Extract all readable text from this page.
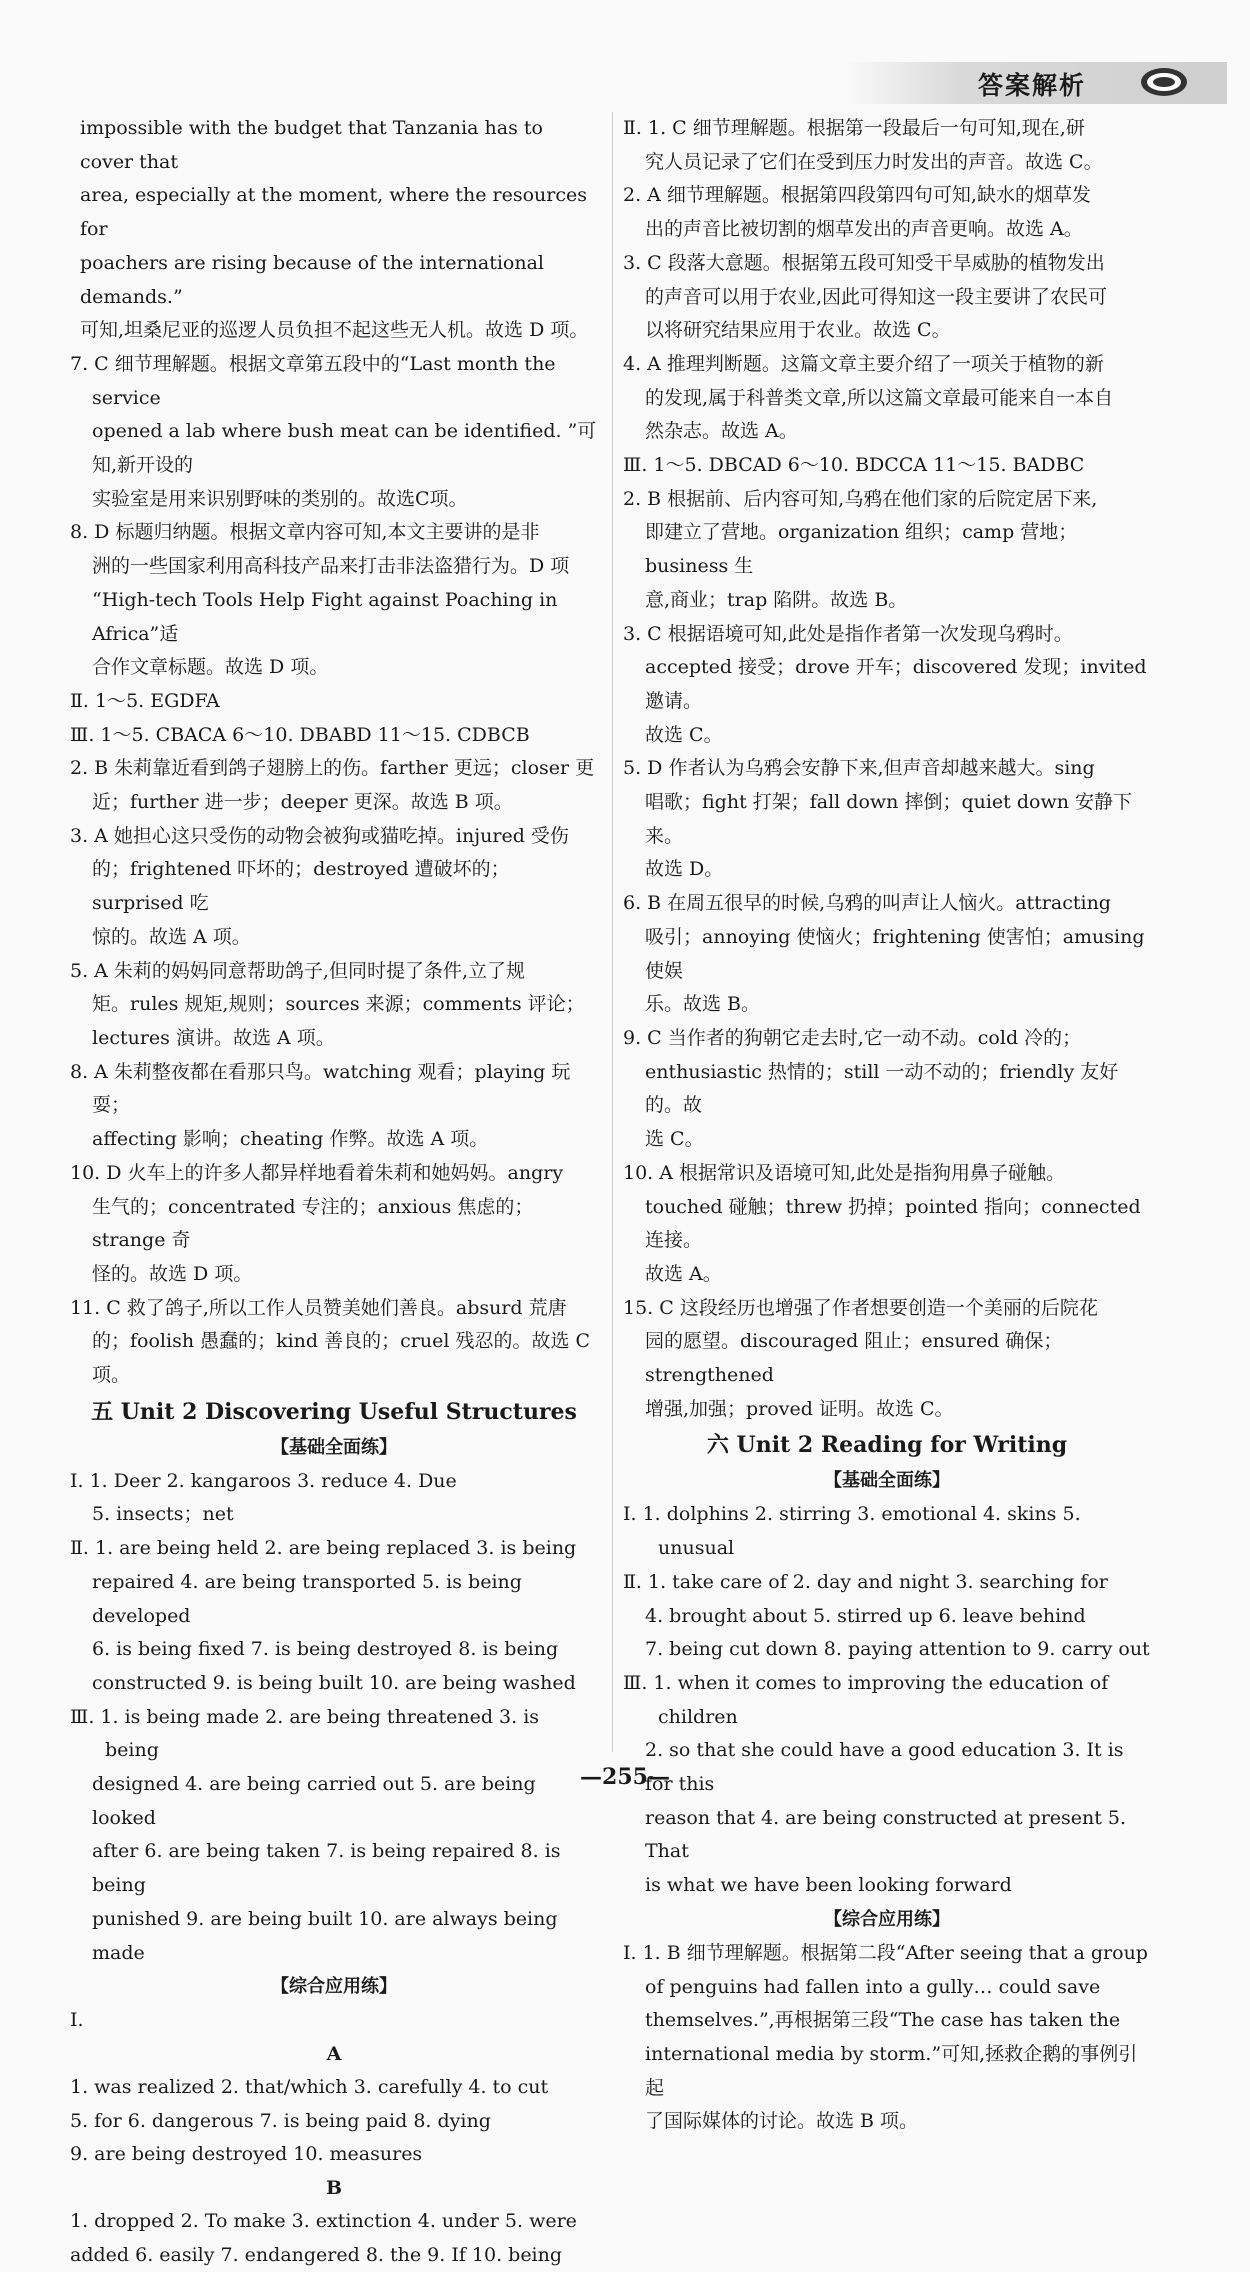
答案解析
impossible with the budget that Tanzania has to cover that
area, especially at the moment, where the resources for
poachers are rising because of the international demands.”
可知,坦桑尼亚的巡逻人员负担不起这些无人机。故选 D 项。
7. C 细节理解题。根据文章第五段中的“Last month the service
opened a lab where bush meat can be identified. ”可知,新开设的
实验室是用来识别野味的类别的。故选C项。
8. D 标题归纳题。根据文章内容可知,本文主要讲的是非
洲的一些国家利用高科技产品来打击非法盗猎行为。D 项
“High-tech Tools Help Fight against Poaching in Africa”适
合作文章标题。故选 D 项。
Ⅱ. 1～5. EGDFA
Ⅲ. 1～5. CBACA 6～10. DBABD 11～15. CDBCB
2. B 朱莉靠近看到鸽子翅膀上的伤。farther 更远；closer 更
近；further 进一步；deeper 更深。故选 B 项。
3. A 她担心这只受伤的动物会被狗或猫吃掉。injured 受伤
的；frightened 吓坏的；destroyed 遭破坏的；surprised 吃
惊的。故选 A 项。
5. A 朱莉的妈妈同意帮助鸽子,但同时提了条件,立了规
矩。rules 规矩,规则；sources 来源；comments 评论；
lectures 演讲。故选 A 项。
8. A 朱莉整夜都在看那只鸟。watching 观看；playing 玩耍；
affecting 影响；cheating 作弊。故选 A 项。
10. D 火车上的许多人都异样地看着朱莉和她妈妈。angry
生气的；concentrated 专注的；anxious 焦虑的；strange 奇
怪的。故选 D 项。
11. C 救了鸽子,所以工作人员赞美她们善良。absurd 荒唐
的；foolish 愚蠢的；kind 善良的；cruel 残忍的。故选 C 项。
五 Unit 2 Discovering Useful Structures
【基础全面练】
Ⅰ. 1. Deer 2. kangaroos 3. reduce 4. Due
5. insects；net
Ⅱ. 1. are being held 2. are being replaced 3. is being
repaired 4. are being transported 5. is being developed
6. is being fixed 7. is being destroyed 8. is being
constructed 9. is being built 10. are being washed
Ⅲ. 1. is being made 2. are being threatened 3. is being
designed 4. are being carried out 5. are being looked
after 6. are being taken 7. is being repaired 8. is being
punished 9. are being built 10. are always being made
【综合应用练】
Ⅰ.
A
1. was realized 2. that/which 3. carefully 4. to cut
5. for 6. dangerous 7. is being paid 8. dying
9. are being destroyed 10. measures
B
1. dropped 2. To make 3. extinction 4. under 5. were
added 6. easily 7. endangered 8. the 9. If 10. being
Ⅱ. 1. C 细节理解题。根据第一段最后一句可知,现在,研
究人员记录了它们在受到压力时发出的声音。故选 C。
2. A 细节理解题。根据第四段第四句可知,缺水的烟草发
出的声音比被切割的烟草发出的声音更响。故选 A。
3. C 段落大意题。根据第五段可知受干旱威胁的植物发出
的声音可以用于农业,因此可得知这一段主要讲了农民可
以将研究结果应用于农业。故选 C。
4. A 推理判断题。这篇文章主要介绍了一项关于植物的新
的发现,属于科普类文章,所以这篇文章最可能来自一本自
然杂志。故选 A。
Ⅲ. 1～5. DBCAD 6～10. BDCCA 11～15. BADBC
2. B 根据前、后内容可知,乌鸦在他们家的后院定居下来,
即建立了营地。organization 组织；camp 营地；business 生
意,商业；trap 陷阱。故选 B。
3. C 根据语境可知,此处是指作者第一次发现乌鸦时。
accepted 接受；drove 开车；discovered 发现；invited 邀请。
故选 C。
5. D 作者认为乌鸦会安静下来,但声音却越来越大。sing
唱歌；fight 打架；fall down 摔倒；quiet down 安静下来。
故选 D。
6. B 在周五很早的时候,乌鸦的叫声让人恼火。attracting
吸引；annoying 使恼火；frightening 使害怕；amusing 使娱
乐。故选 B。
9. C 当作者的狗朝它走去时,它一动不动。cold 冷的；
enthusiastic 热情的；still 一动不动的；friendly 友好的。故
选 C。
10. A 根据常识及语境可知,此处是指狗用鼻子碰触。
touched 碰触；threw 扔掉；pointed 指向；connected 连接。
故选 A。
15. C 这段经历也增强了作者想要创造一个美丽的后院花
园的愿望。discouraged 阻止；ensured 确保；strengthened
增强,加强；proved 证明。故选 C。
六 Unit 2 Reading for Writing
【基础全面练】
Ⅰ. 1. dolphins 2. stirring 3. emotional 4. skins 5. unusual
Ⅱ. 1. take care of 2. day and night 3. searching for
4. brought about 5. stirred up 6. leave behind
7. being cut down 8. paying attention to 9. carry out
Ⅲ. 1. when it comes to improving the education of children
2. so that she could have a good education 3. It is for this
reason that 4. are being constructed at present 5. That
is what we have been looking forward
【综合应用练】
Ⅰ. 1. B 细节理解题。根据第二段“After seeing that a group
of penguins had fallen into a gully… could save
themselves.”,再根据第三段“The case has taken the
international media by storm.”可知,拯救企鹅的事例引起
了国际媒体的讨论。故选 B 项。
—255—
